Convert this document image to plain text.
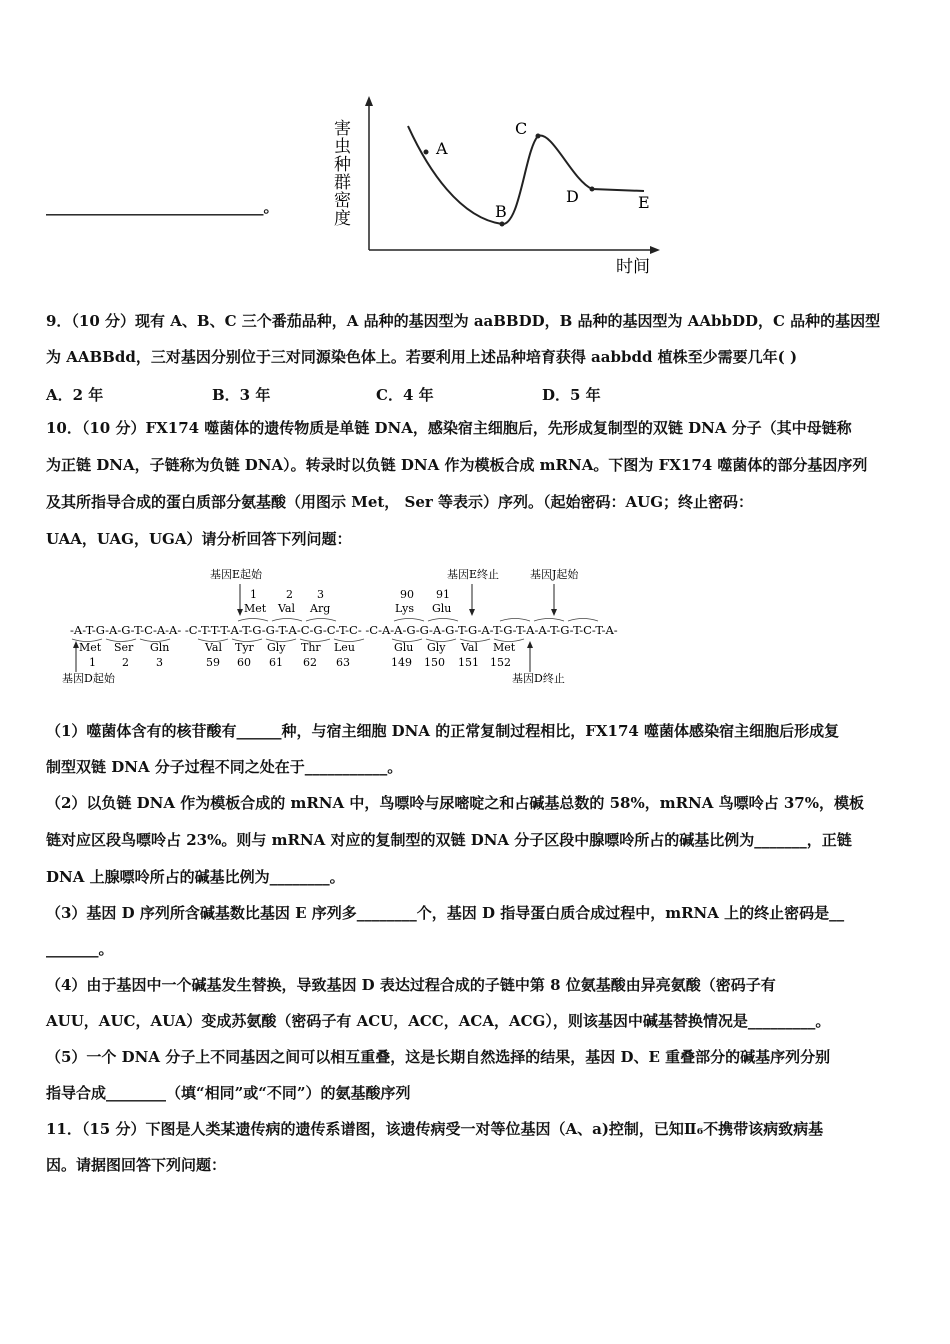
害
虫
种
群
密
度
时间
A
B
C
D	E
_____________________________。
9．（10 分）现有 A、B、C 三个番茄品种，A 品种的基因型为 aaBBDD，B 品种的基因型为 AAbbDD，C 品种的基因型
为 AABBdd，三对基因分别位于三对同源染色体上。若要利用上述品种培育获得 aabbdd 植株至少需要几年( )
A．2 年	B．3 年	C．4 年	D．5 年
10．（10 分）FX174 噬菌体的遗传物质是单链 DNA，感染宿主细胞后，先形成复制型的双链 DNA 分子（其中母链称
为正链 DNA，子链称为负链 DNA）。转录时以负链 DNA 作为模板合成 mRNA。下图为 FX174 噬菌体的部分基因序列
及其所指导合成的蛋白质部分氨基酸（用图示 Met， Ser 等表示）序列。（起始密码：AUG；终止密码：
UAA，UAG，UGA）请分析回答下列问题：
基因E起始	基因E终止	基因J起始
1	2 3	90 91
Met Val Arg	Lys Glu
-A-T-G-A-G-T-C-A-A- -C-T-T-T-A-T-G-G-T-A-C-G-C-T-C- -C-A-A-G-G-A-G-T-G-A-T-G-T-A-A-T-G-T-C-T-A-
Met Ser Gln	Val Tyr Gly Thr Leu	Glu Gly Val Met
1 2 3	59 60 61 62 63	149 150 151 152
基因D起始	基因D终止
（1）噬菌体含有的核苷酸有______种，与宿主细胞 DNA 的正常复制过程相比，FX174 噬菌体感染宿主细胞后形成复
制型双链 DNA 分子过程不同之处在于___________。
（2）以负链 DNA 作为模板合成的 mRNA 中，鸟嘌呤与尿嘧啶之和占碱基总数的 58%，mRNA 鸟嘌呤占 37%，模板
链对应区段鸟嘌呤占 23%。则与 mRNA 对应的复制型的双链 DNA 分子区段中腺嘌呤所占的碱基比例为_______，正链
DNA 上腺嘌呤所占的碱基比例为________。
（3）基因 D 序列所含碱基数比基因 E 序列多________个，基因 D 指导蛋白质合成过程中，mRNA 上的终止密码是__
_______。
（4）由于基因中一个碱基发生替换，导致基因 D 表达过程合成的子链中第 8 位氨基酸由异亮氨酸（密码子有
AUU，AUC，AUA）变成苏氨酸（密码子有 ACU，ACC，ACA，ACG），则该基因中碱基替换情况是_________。
（5）一个 DNA 分子上不同基因之间可以相互重叠，这是长期自然选择的结果，基因 D、E 重叠部分的碱基序列分别
指导合成________（填“相同”或“不同”）的氨基酸序列
11．（15 分）下图是人类某遗传病的遗传系谱图，该遗传病受一对等位基因（A、a)控制，已知Ⅱ₆不携带该病致病基
因。请据图回答下列问题：
